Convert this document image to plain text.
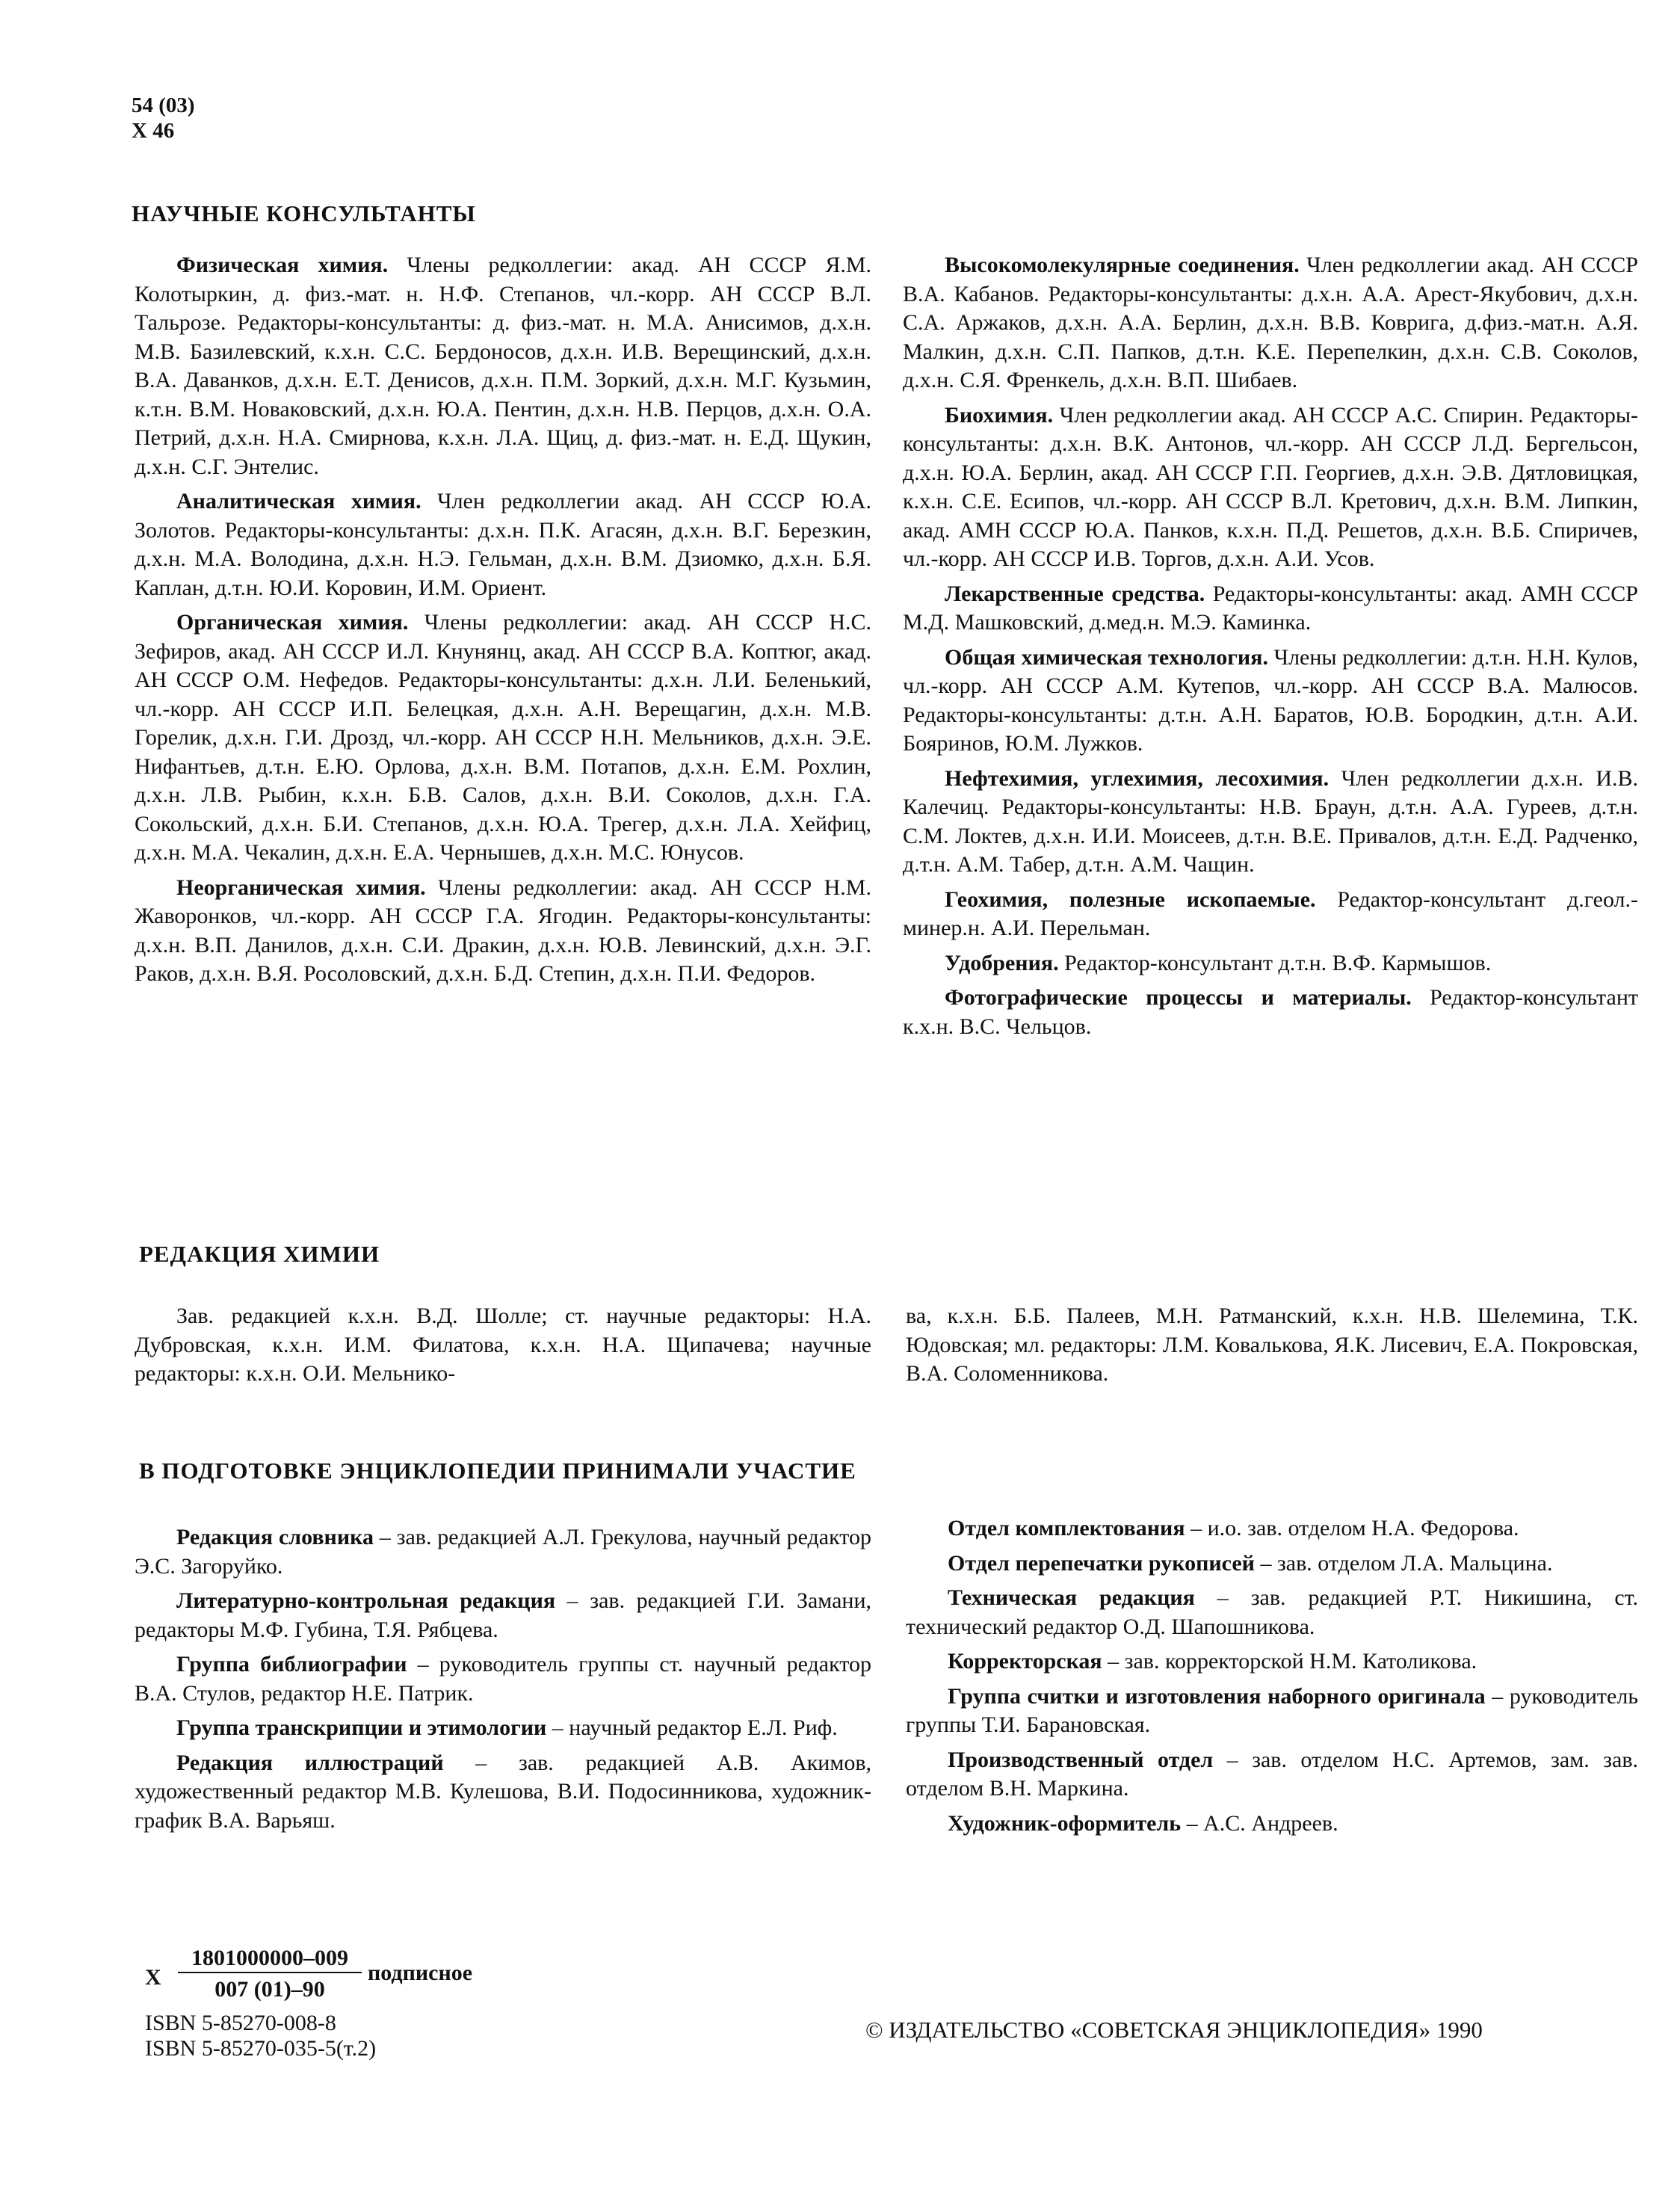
54 (03)
X 46
НАУЧНЫЕ КОНСУЛЬТАНТЫ

Физическая химия. Члены редколлегии: акад. АН СССР Я.М. Колотыркин, д. физ.-мат. н. Н.Ф. Степанов, чл.-корр. АН СССР В.Л. Тальрозе. Редакторы-консультанты: д. физ.-мат. н. М.А. Анисимов, д.х.н. М.В. Базилевский, к.х.н. С.С. Бердоносов, д.х.н. И.В. Верещинский, д.х.н. В.А. Даванков, д.х.н. Е.Т. Денисов, д.х.н. П.М. Зоркий, д.х.н. М.Г. Кузьмин, к.т.н. В.М. Новаковский, д.х.н. Ю.А. Пентин, д.х.н. Н.В. Перцов, д.х.н. О.А. Петрий, д.х.н. Н.А. Смирнова, к.х.н. Л.А. Щиц, д. физ.-мат. н. Е.Д. Щукин, д.х.н. С.Г. Энтелис.

Аналитическая химия. Член редколлегии акад. АН СССР Ю.А. Золотов. Редакторы-консультанты: д.х.н. П.К. Агасян, д.х.н. В.Г. Березкин, д.х.н. М.А. Володина, д.х.н. Н.Э. Гельман, д.х.н. В.М. Дзиомко, д.х.н. Б.Я. Каплан, д.т.н. Ю.И. Коровин, И.М. Ориент.

Органическая химия. Члены редколлегии: акад. АН СССР Н.С. Зефиров, акад. АН СССР И.Л. Кнунянц, акад. АН СССР В.А. Коптюг, акад. АН СССР О.М. Нефедов. Редакторы-консультанты: д.х.н. Л.И. Беленький, чл.-корр. АН СССР И.П. Белецкая, д.х.н. А.Н. Верещагин, д.х.н. М.В. Горелик, д.х.н. Г.И. Дрозд, чл.-корр. АН СССР Н.Н. Мельников, д.х.н. Э.Е. Нифантьев, д.т.н. Е.Ю. Орлова, д.х.н. В.М. Потапов, д.х.н. Е.М. Рохлин, д.х.н. Л.В. Рыбин, к.х.н. Б.В. Салов, д.х.н. В.И. Соколов, д.х.н. Г.А. Сокольский, д.х.н. Б.И. Степанов, д.х.н. Ю.А. Трегер, д.х.н. Л.А. Хейфиц, д.х.н. М.А. Чекалин, д.х.н. Е.А. Чернышев, д.х.н. М.С. Юнусов.

Неорганическая химия. Члены редколлегии: акад. АН СССР Н.М. Жаворонков, чл.-корр. АН СССР Г.А. Ягодин. Редакторы-консультанты: д.х.н. В.П. Данилов, д.х.н. С.И. Дракин, д.х.н. Ю.В. Левинский, д.х.н. Э.Г. Раков, д.х.н. В.Я. Росоловский, д.х.н. Б.Д. Степин, д.х.н. П.И. Федоров.

Высокомолекулярные соединения. Член редколлегии акад. АН СССР В.А. Кабанов. Редакторы-консультанты: д.х.н. А.А. Арест-Якубович, д.х.н. С.А. Аржаков, д.х.н. А.А. Берлин, д.х.н. В.В. Коврига, д.физ.-мат.н. А.Я. Малкин, д.х.н. С.П. Папков, д.т.н. К.Е. Перепелкин, д.х.н. С.В. Соколов, д.х.н. С.Я. Френкель, д.х.н. В.П. Шибаев.

Биохимия. Член редколлегии акад. АН СССР А.С. Спирин. Редакторы-консультанты: д.х.н. В.К. Антонов, чл.-корр. АН СССР Л.Д. Бергельсон, д.х.н. Ю.А. Берлин, акад. АН СССР Г.П. Георгиев, д.х.н. Э.В. Дятловицкая, к.х.н. С.Е. Есипов, чл.-корр. АН СССР В.Л. Кретович, д.х.н. В.М. Липкин, акад. АМН СССР Ю.А. Панков, к.х.н. П.Д. Решетов, д.х.н. В.Б. Спиричев, чл.-корр. АН СССР И.В. Торгов, д.х.н. А.И. Усов.

Лекарственные средства. Редакторы-консультанты: акад. АМН СССР М.Д. Машковский, д.мед.н. М.Э. Каминка.

Общая химическая технология. Члены редколлегии: д.т.н. Н.Н. Кулов, чл.-корр. АН СССР А.М. Кутепов, чл.-корр. АН СССР В.А. Малюсов. Редакторы-консультанты: д.т.н. А.Н. Баратов, Ю.В. Бородкин, д.т.н. А.И. Бояринов, Ю.М. Лужков.

Нефтехимия, углехимия, лесохимия. Член редколлегии д.х.н. И.В. Калечиц. Редакторы-консультанты: Н.В. Браун, д.т.н. А.А. Гуреев, д.т.н. С.М. Локтев, д.х.н. И.И. Моисеев, д.т.н. В.Е. Привалов, д.т.н. Е.Д. Радченко, д.т.н. А.М. Табер, д.т.н. А.М. Чащин.

Геохимия, полезные ископаемые. Редактор-консультант д.геол.-минер.н. А.И. Перельман.

Удобрения. Редактор-консультант д.т.н. В.Ф. Кармышов.

Фотографические процессы и материалы. Редактор-консультант к.х.н. В.С. Чельцов.

РЕДАКЦИЯ ХИМИИ

Зав. редакцией к.х.н. В.Д. Шолле; ст. научные редакторы: Н.А. Дубровская, к.х.н. И.М. Филатова, к.х.н. Н.А. Щипачева; научные редакторы: к.х.н. О.И. Мельнико-

ва, к.х.н. Б.Б. Палеев, М.Н. Ратманский, к.х.н. Н.В. Шелемина, Т.К. Юдовская; мл. редакторы: Л.М. Ковалькова, Я.К. Лисевич, Е.А. Покровская, В.А. Соломенникова.

В ПОДГОТОВКЕ ЭНЦИКЛОПЕДИИ ПРИНИМАЛИ УЧАСТИЕ

Редакция словника – зав. редакцией А.Л. Грекулова, научный редактор Э.С. Загоруйко.

Литературно-контрольная редакция – зав. редакцией Г.И. Замани, редакторы М.Ф. Губина, Т.Я. Рябцева.

Группа библиографии – руководитель группы ст. научный редактор В.А. Стулов, редактор Н.Е. Патрик.

Группа транскрипции и этимологии – научный редактор Е.Л. Риф.

Редакция иллюстраций – зав. редакцией А.В. Акимов, художественный редактор М.В. Кулешова, В.И. Подосинникова, художник-график В.А. Варьяш.

Отдел комплектования – и.о. зав. отделом Н.А. Федорова.

Отдел перепечатки рукописей – зав. отделом Л.А. Мальцина.

Техническая редакция – зав. редакцией Р.Т. Никишина, ст. технический редактор О.Д. Шапошникова.

Корректорская – зав. корректорской Н.М. Католикова.

Группа считки и изготовления наборного оригинала – руководитель группы Т.И. Барановская.

Производственный отдел – зав. отделом Н.С. Артемов, зам. зав. отделом В.Н. Маркина.

Художник-оформитель – А.С. Андреев.

X
1801000000–009
007 (01)–90
подписное
ISBN 5-85270-008-8
ISBN 5-85270-035-5(т.2)
© ИЗДАТЕЛЬСТВО «СОВЕТСКАЯ ЭНЦИКЛОПЕДИЯ» 1990
